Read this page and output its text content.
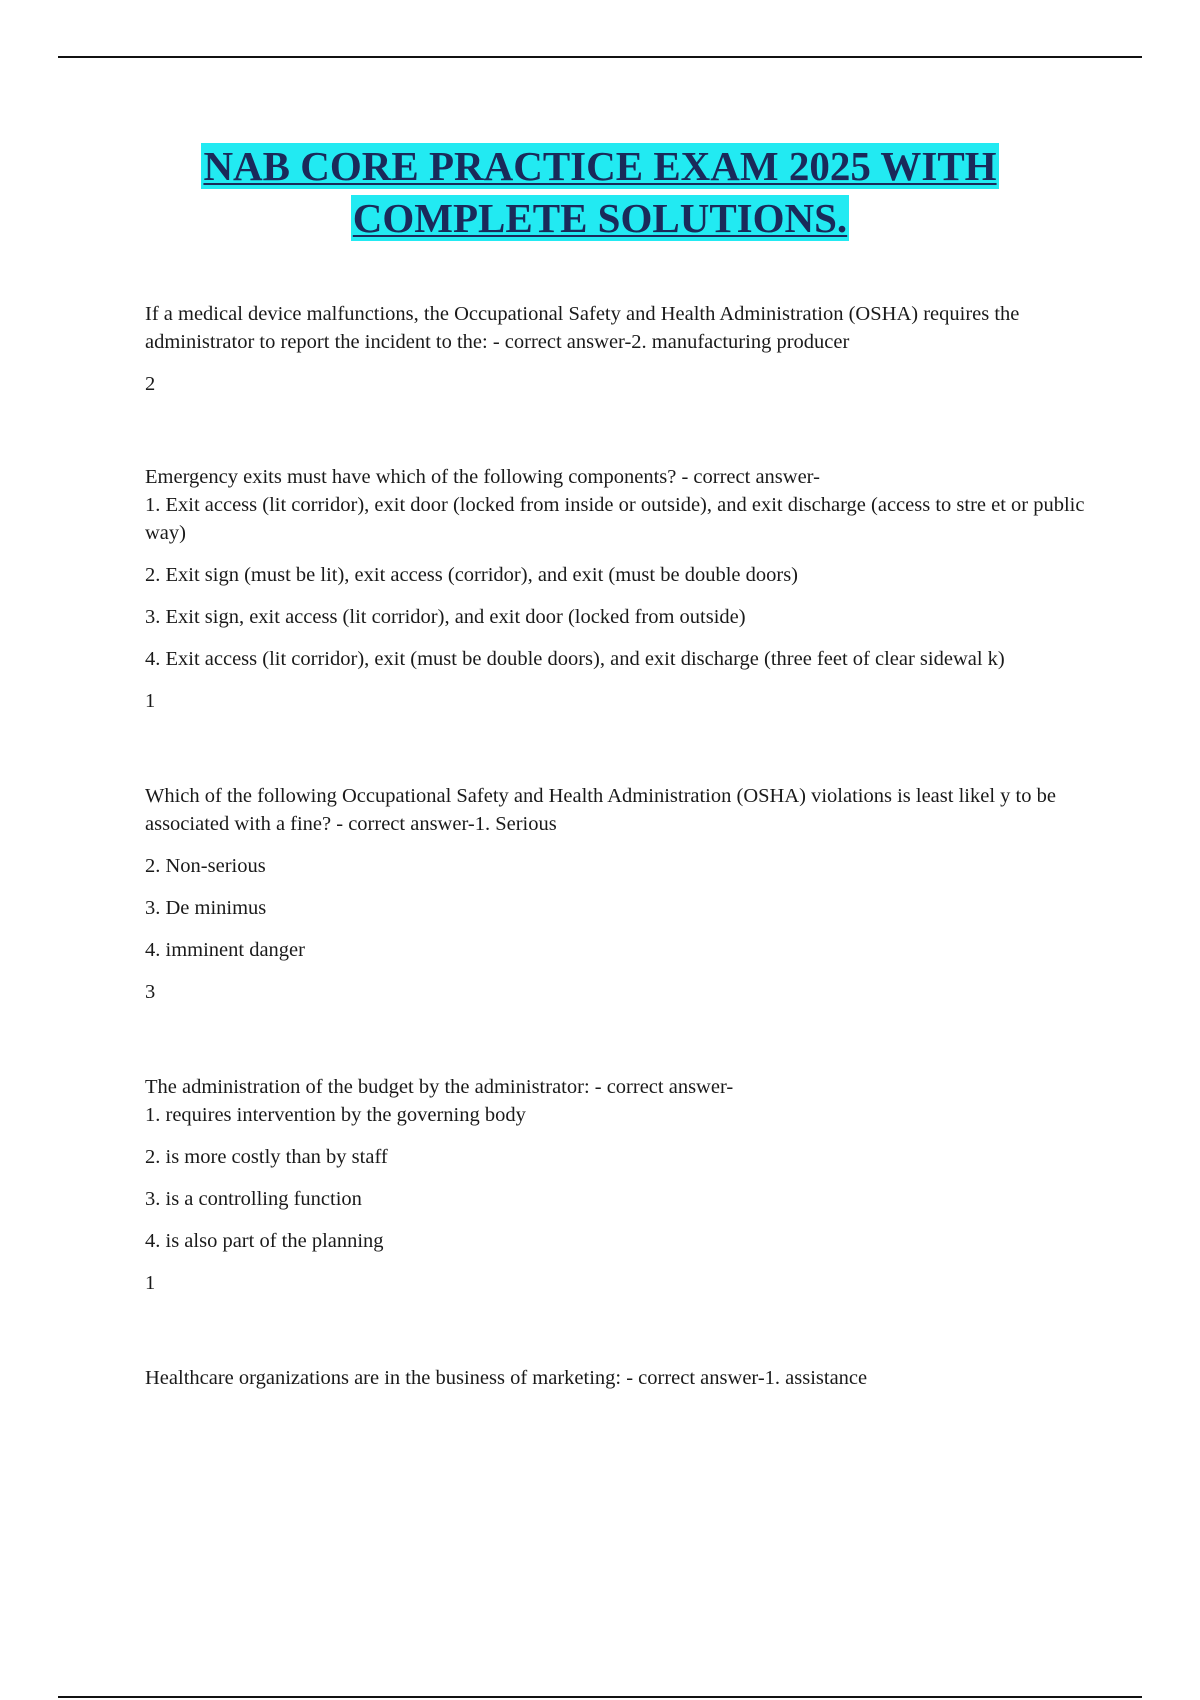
NAB CORE PRACTICE EXAM 2025 WITH
COMPLETE SOLUTIONS.

If a medical device malfunctions, the Occupational Safety and Health Administration (OSHA) requires the administrator to report the incident to the: - correct answer-2. manufacturing producer

2

Emergency exits must have which of the following components? - correct answer-
1. Exit access (lit corridor), exit door (locked from inside or outside), and exit discharge (access to stre et or public way)

2. Exit sign (must be lit), exit access (corridor), and exit (must be double doors)

3. Exit sign, exit access (lit corridor), and exit door (locked from outside)

4. Exit access (lit corridor), exit (must be double doors), and exit discharge (three feet of clear sidewal k)

1

Which of the following Occupational Safety and Health Administration (OSHA) violations is least likel y to be associated with a fine? - correct answer-1. Serious

2. Non-serious

3. De minimus

4. imminent danger

3

The administration of the budget by the administrator: - correct answer-
1. requires intervention by the governing body

2. is more costly than by staff

3. is a controlling function

4. is also part of the planning

1

Healthcare organizations are in the business of marketing: - correct answer-1. assistance
